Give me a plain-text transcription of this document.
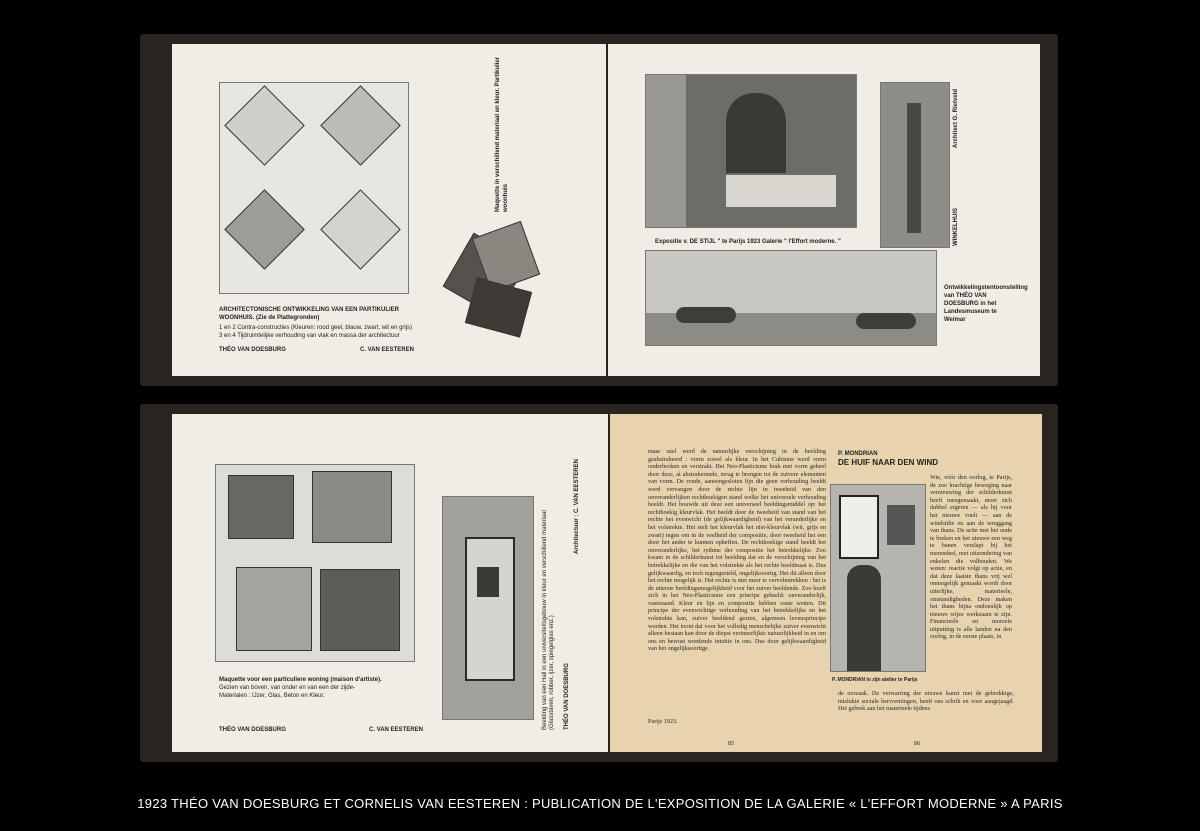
ARCHITECTONISCHE ONTWIKKELING VAN EEN PARTIKULIER WOONHUIS. (Zie de Plattegronden)
1 en 2 Contra-constructies (Kleuren: rood geel, blauw, zwart, wit en grijs)
3 en 4 Tijdruimtelijke verhouding van vlak en massa der architectuur
THÉO VAN DOESBURG	C. VAN EESTEREN
Maquette in verschillend materiaal en kleur. Partikulier woonhuis
Expositie v. DE STIJL " te Parijs 1923 Galerie " l'Effort moderne. "
Architect G. Rietveld
WINKELHUIS
Ontwikkelingstentoonstelling van THÉO VAN DOESBURG in het Landesmuseum te Weimar
Maquette voor een particuliere woning (maison d'artiste).
Gezien van boven, van onder en van een der zijde-
Materialen : IJzer, Glas, Beton en Kleur.
THÉO VAN DOESBURG	C. VAN EESTEREN	Beelding van een Hall in een universiteitsgebouw in kleur en verschillend materiaal (Glasstaven, robber, ijzer, spiegelglas enz.) THÉO VAN DOESBURG
Architectuur : C. VAN EESTEREN
maar snel werd de natuurlijke verschijning in de beelding geabstraheerd : vorm zowel als kleur. In het Cubisme werd vorm onderbroken en verstrakt. Het Neo-Plasticisme brak met vorm geheel door deze, al abstraherende, terug te brengen tot de zuivere elementen van vorm. De ronde, aaneengesloten lijn die geen verhouding beeldt werd vervangen door de rechte lijn in tweeheid van den onveranderlijken rechthoekigen stand welke het universele verhouding beeldt. Het bouwde uit deze een universeel beeldingsmiddel op: het rechthoekig kleurvlak. Het beeldt door de tweeheid van stand van het rechte het evenwicht (de gelijkwaardigheid) van het veranderlijke en het volstrekte. Het stelt het kleurvlak het niet-kleurvlak (wit, grijs en zwart) tegen om in de veelheid der compositie, door tweeheid het een door het ander te kunnen opheffen. De rechthoekige stand beeldt het onveranderlijke, het rythme der compositie het betrekkelijke. Zoo kwam in de schilderkunst tot beelding dat en de verschijning van het betrekkelijke en die van het volstrekte als het rechte beeldmaat is. Dus gelijkwaardig, en toch tegengesteld, ongelijksoortig. Het dit alleen door het rechte mogelijk is. Het rechte is niet meer te vervolmtrekken : het is de uiterste beeldingsmogelijkheid voor het zuiver beeldende. Zoo hoeft zich in het Neo-Plasticisme een principe gebeeld: onveranderlijk, vaststaand. Kleur en lijn en compositie hebben vaste wetten. Dit principe der evenwichtige verhouding van het betrekkelijke en het volstrekte kan, zuiver beeldend gezien, algemeen levensprincipe worden. Het toont dat voor het volledig menschelijke zuiver evenwicht alleen bestaan kan door de diepst verinnerlijkte natuurlijkheid in en om ons en bewust wordende intuïtie in ons. Dus door gelijkwaardigheid van het ongelijksoortige.
Parijs 1923.
P. MONDRIAN
DE HUIF NAAR DEN WIND
Wie, vóór den oorlog, te Parijs, de zoo krachtige beweging naar vernieuwing der schilderkunst heeft meegemaakt, moet zich dubbel ergeren — als hij voor het nieuwe voelt — aan de windstilte en aan de teruggang van thans. De actie met het oude te breken en het nieuwe een weg te banen verslapt bij het merendeel, met uitzondering van enkelen die volhouden. We weten: reactie volgt op actie, en dat deze laatste thans vrij wel onmogelijk gemaakt wordt door uiterlijke, materieele, omstandigheden. Deze maken het thans bijna ondoenlijk op nieuwe wijze werkzaam te zijn. Financieele en moreele uitputting is alle landen na den oorlog, in de eerste plaats, in
P. MONDRIAN in zijn atelier te Parijs
de oorzaak. De verwarring der nieuwe kunst met de gebrekkige, mislukte sociale hervormingen, heeft ons schrik en voor aangejaagd. Het gebrek aan het materieele tijdens
85	86
1923 THÉO VAN DOESBURG ET CORNELIS VAN EESTEREN : PUBLICATION DE L'EXPOSITION DE LA GALERIE « L'EFFORT MODERNE » A PARIS
